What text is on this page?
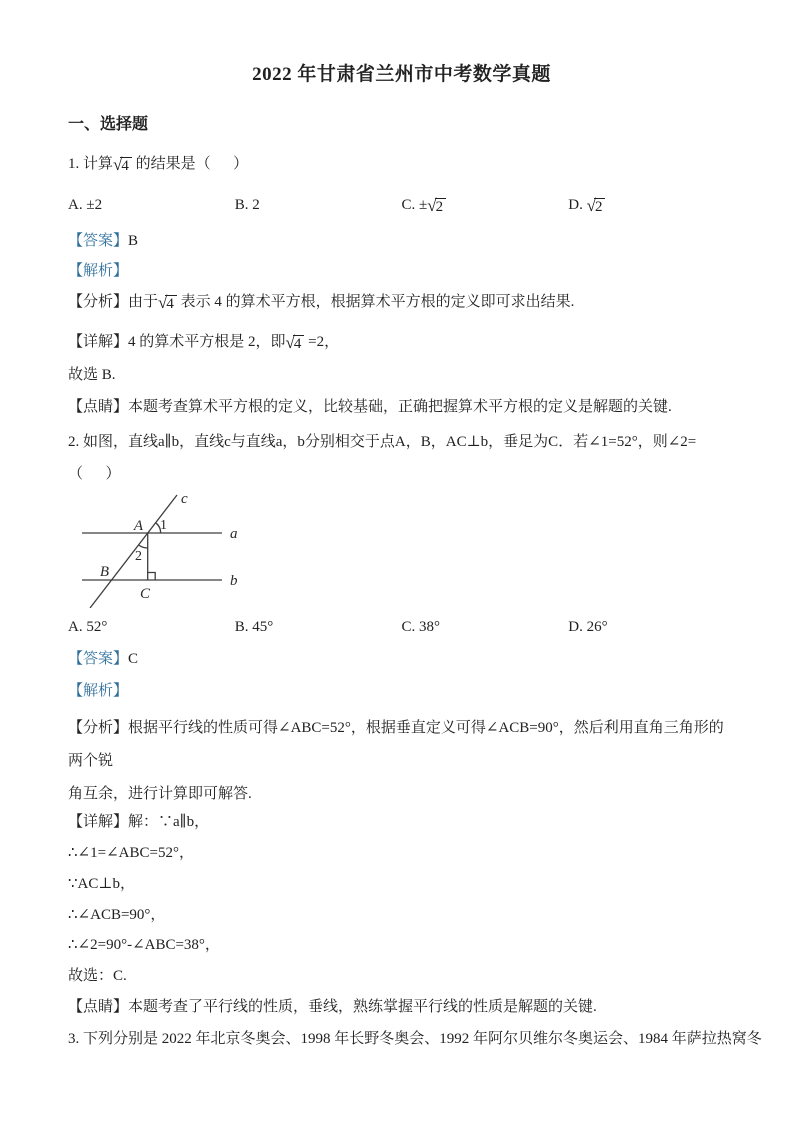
2022 年甘肃省兰州市中考数学真题
一、选择题

1. 计算√4 的结果是（      ）

A. ±2	B. 2	C. ±√2	D. √2

【答案】B

【解析】

【分析】由于√4 表示 4 的算术平方根，根据算术平方根的定义即可求出结果.

【详解】4 的算术平方根是 2，即√4 =2，

故选 B.

【点睛】本题考查算术平方根的定义，比较基础，正确把握算术平方根的定义是解题的关键.

2. 如图，直线a∥b，直线c与直线a，b分别相交于点A，B，AC⊥b，垂足为C．若∠1=52°，则∠2=

（      ）

a
b
c
A
B
C
1
2
A. 52°	B. 45°	C. 38°	D. 26°

【答案】C

【解析】

【分析】根据平行线的性质可得∠ABC=52°，根据垂直定义可得∠ACB=90°，然后利用直角三角形的两个锐
角互余，进行计算即可解答.

【详解】解：∵a∥b，

∴∠1=∠ABC=52°，

∵AC⊥b，

∴∠ACB=90°，

∴∠2=90°-∠ABC=38°，

故选：C.

【点睛】本题考查了平行线的性质，垂线，熟练掌握平行线的性质是解题的关键.

3. 下列分别是 2022 年北京冬奥会、1998 年长野冬奥会、1992 年阿尔贝维尔冬奥运会、1984 年萨拉热窝冬
